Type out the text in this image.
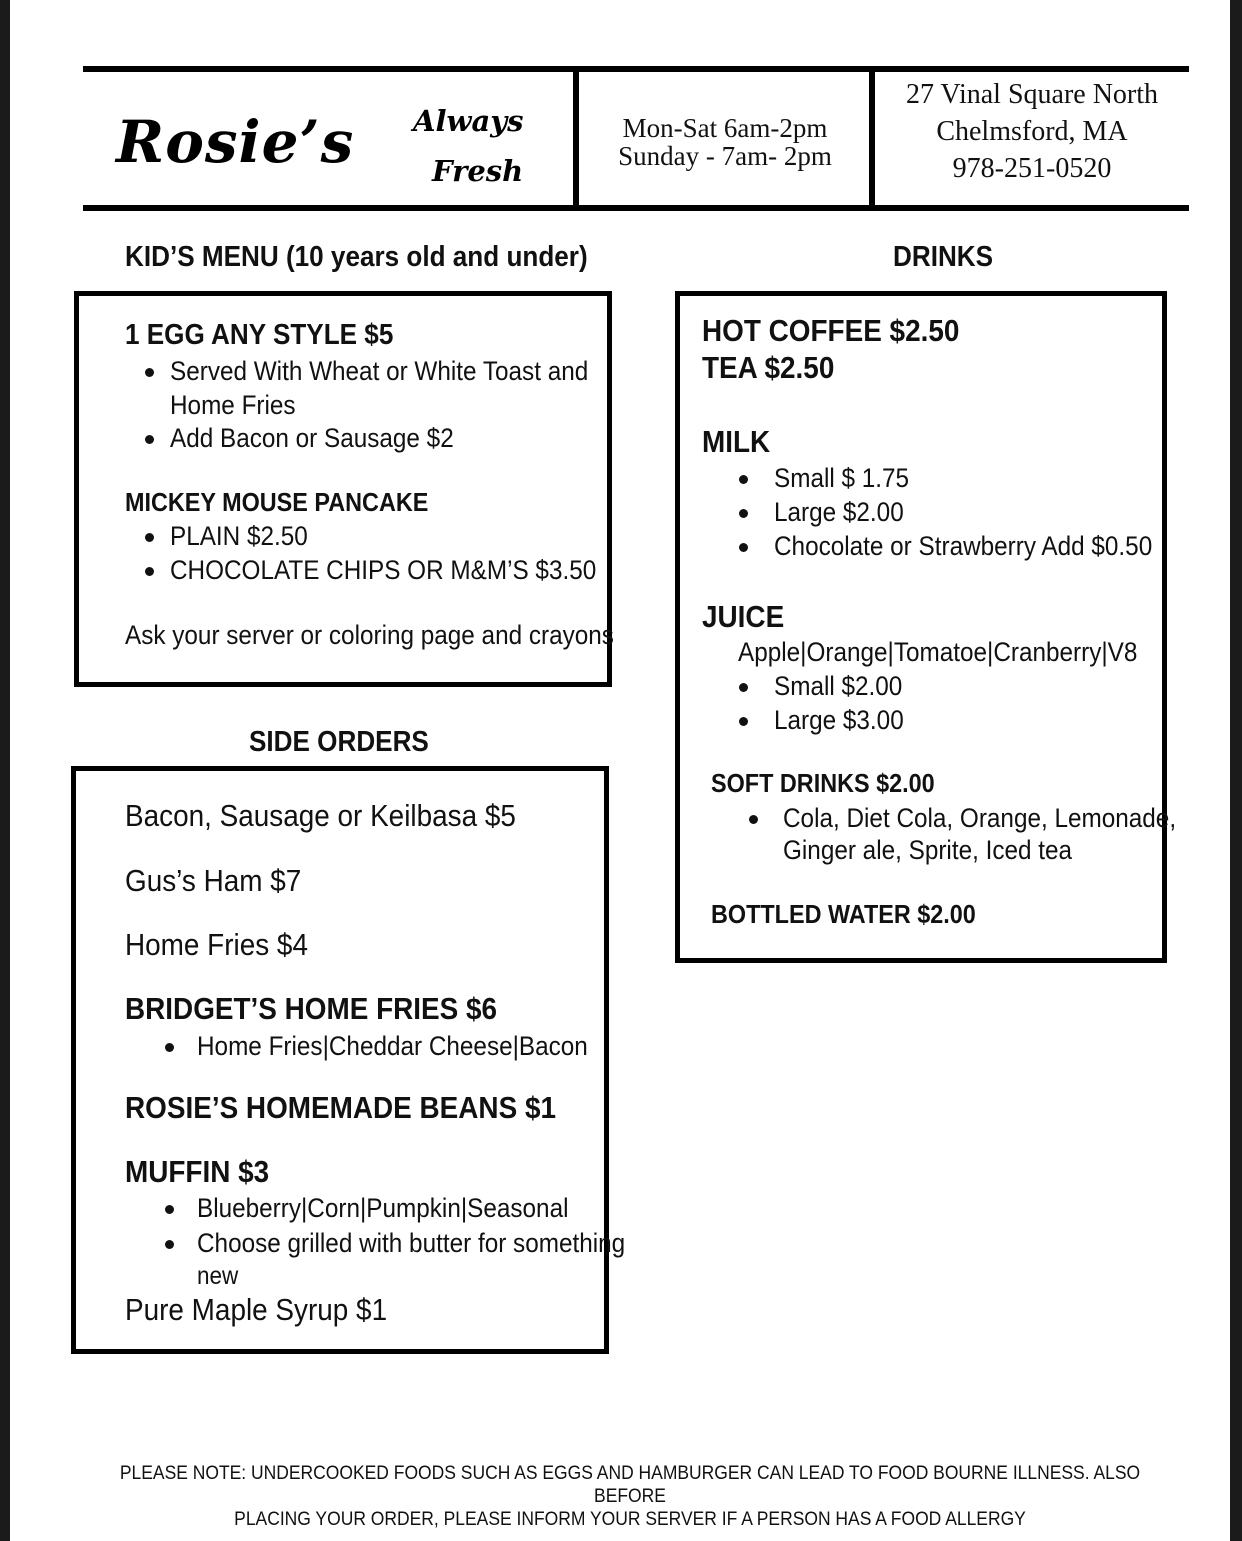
Rosie’s Always
Fresh
Mon-Sat 6am-2pm
Sunday - 7am- 2pm
27 Vinal Square North
Chelmsford, MA
978-251-0520
KID’S MENU (10 years old and under)	DRINKS
SIDE ORDERS
1 EGG ANY STYLE $5
Served With Wheat or White Toast and
Home Fries
Add Bacon or Sausage $2
MICKEY MOUSE PANCAKE
PLAIN $2.50
CHOCOLATE CHIPS OR M&M’S $3.50
Ask your server or coloring page and crayons
Bacon, Sausage or Keilbasa $5
Gus’s Ham $7
Home Fries $4
BRIDGET’S HOME FRIES $6
Home Fries|Cheddar Cheese|Bacon
ROSIE’S HOMEMADE BEANS $1
MUFFIN $3
Blueberry|Corn|Pumpkin|Seasonal
Choose grilled with butter for something
new
Pure Maple Syrup $1
HOT COFFEE $2.50
TEA $2.50
MILK
Small $ 1.75
Large $2.00
Chocolate or Strawberry Add $0.50
JUICE
Apple|Orange|Tomatoe|Cranberry|V8
Small $2.00
Large $3.00
SOFT DRINKS $2.00
Cola, Diet Cola, Orange, Lemonade,
Ginger ale, Sprite, Iced tea
BOTTLED WATER $2.00
PLEASE NOTE: UNDERCOOKED FOODS SUCH AS EGGS AND HAMBURGER CAN LEAD TO FOOD BOURNE ILLNESS. ALSO BEFORE
PLACING YOUR ORDER, PLEASE INFORM YOUR SERVER IF A PERSON HAS A FOOD ALLERGY
